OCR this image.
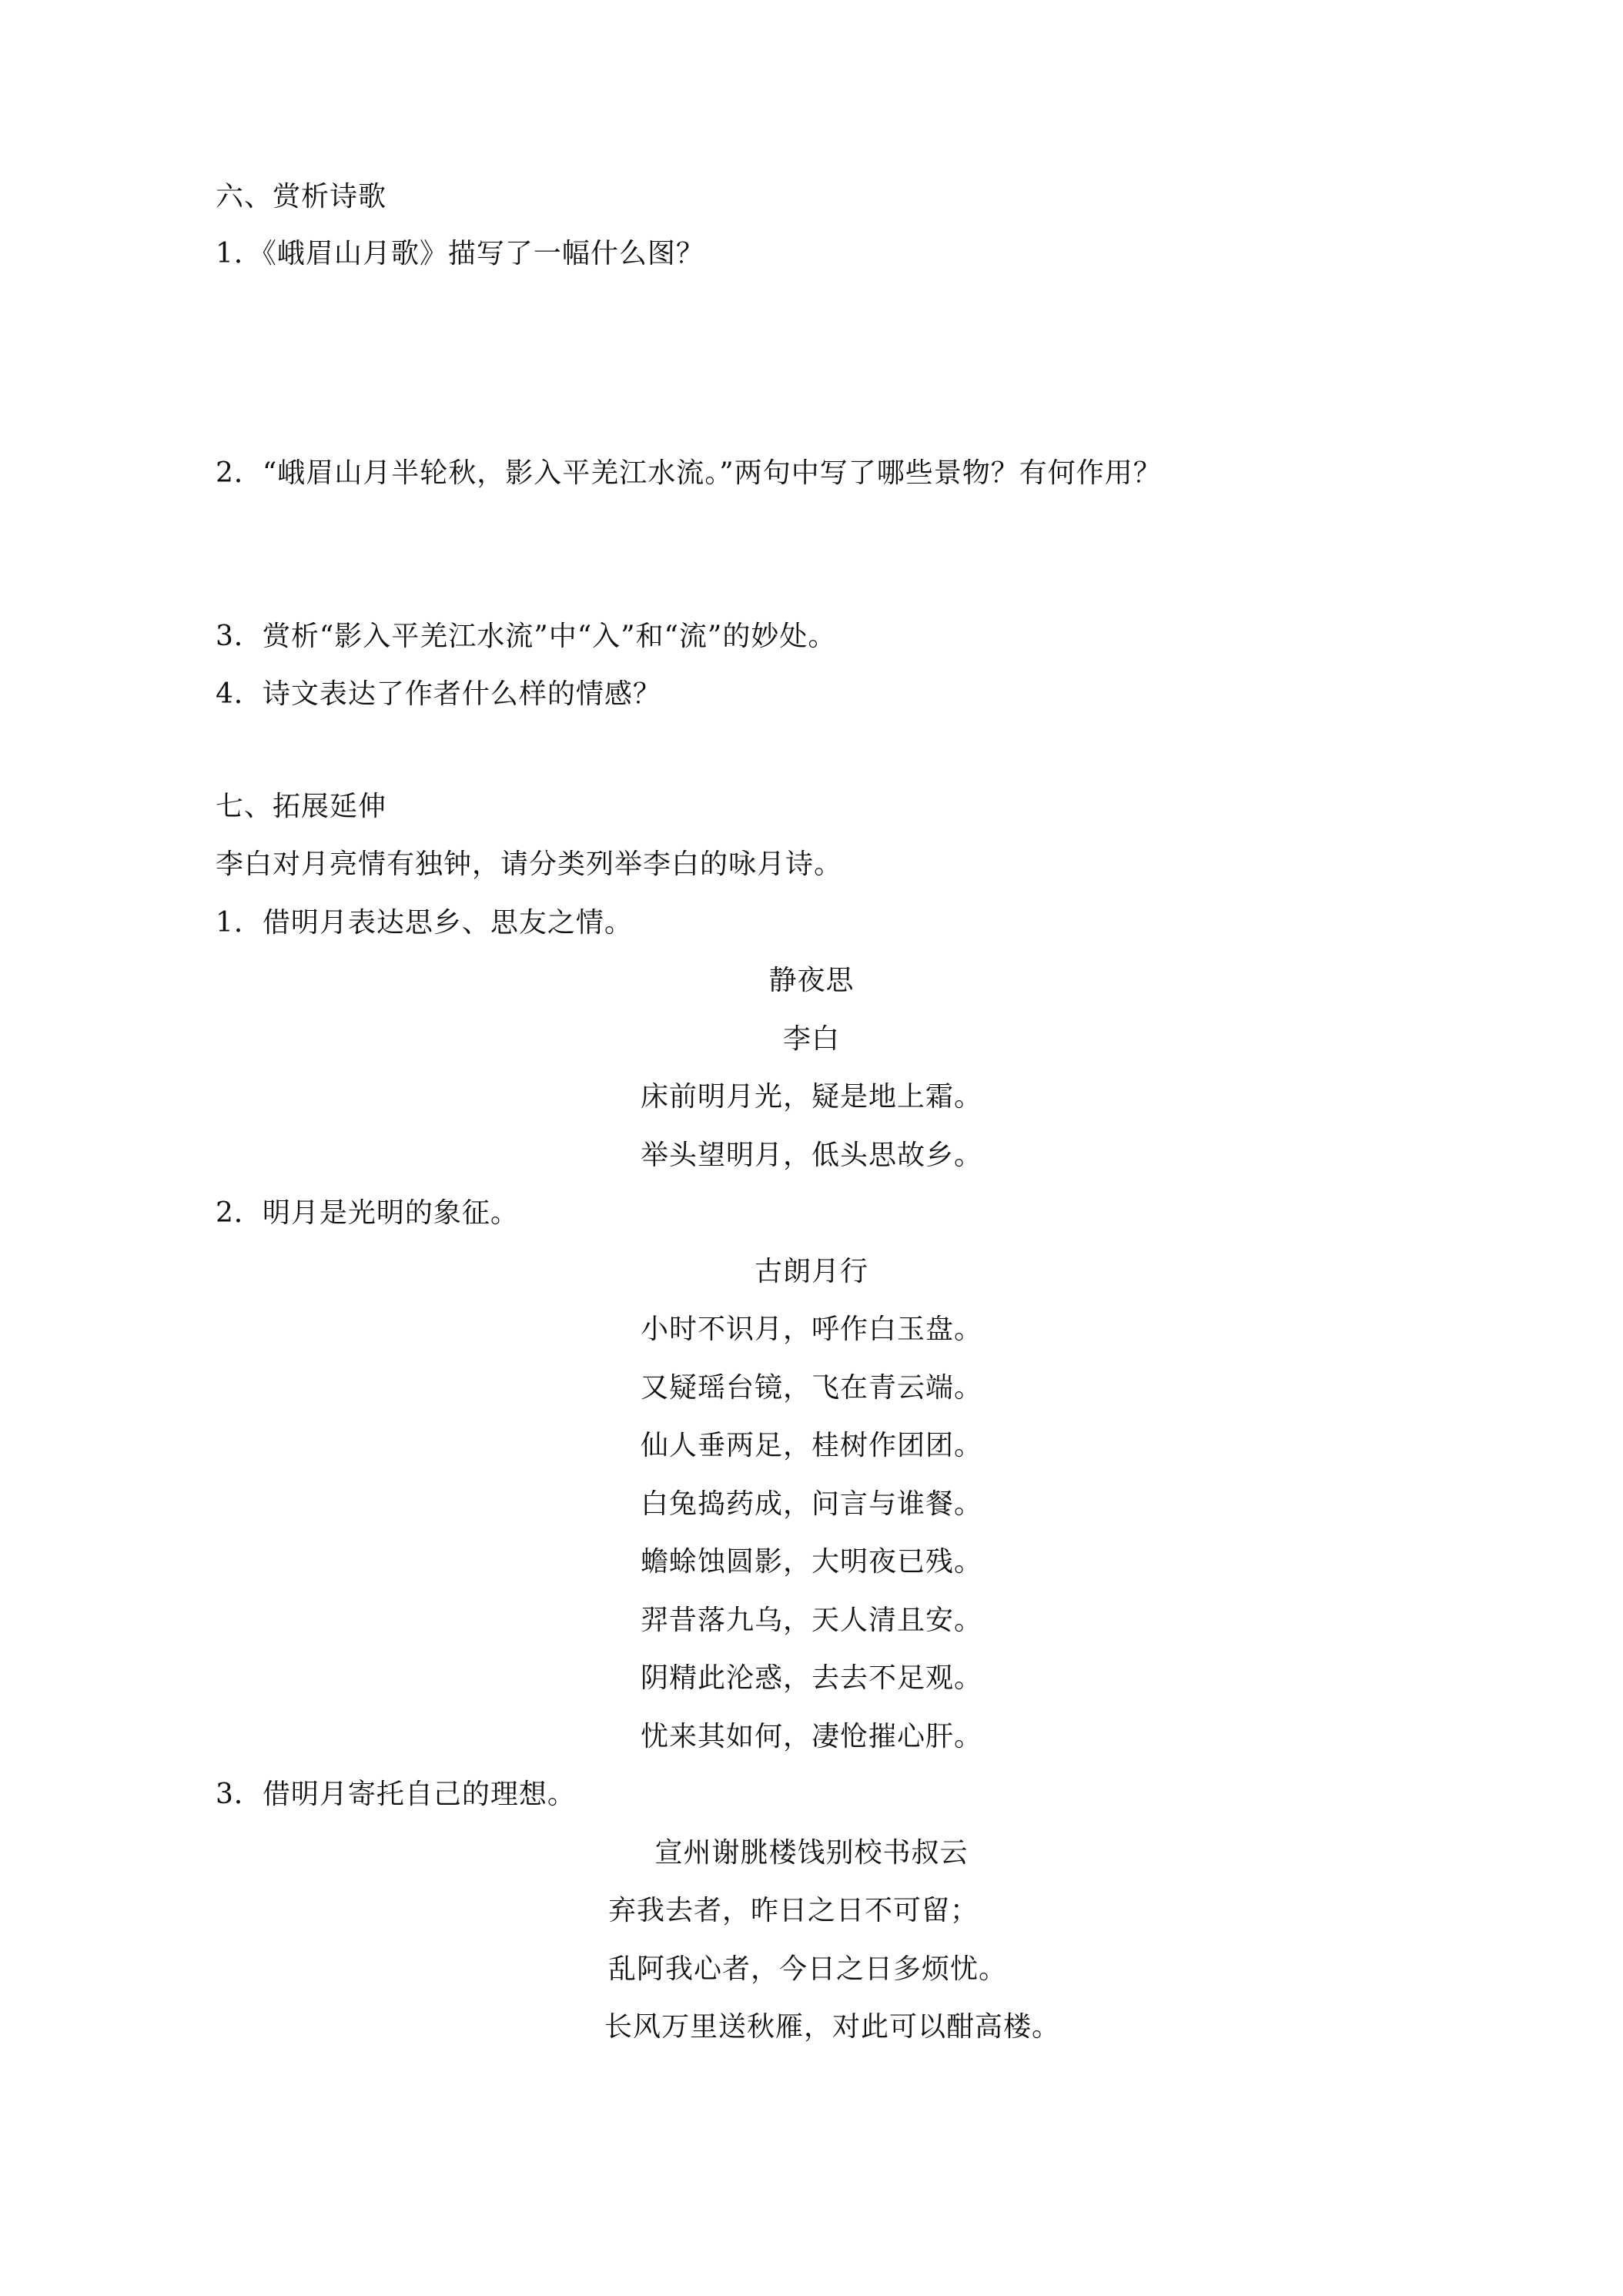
六、赏析诗歌
1．《峨眉山月歌》描写了一幅什么图？
2．“峨眉山月半轮秋，影入平羌江水流。”两句中写了哪些景物？有何作用？
3．赏析“影入平羌江水流”中“入”和“流”的妙处。
4．诗文表达了作者什么样的情感？
七、拓展延伸
李白对月亮情有独钟，请分类列举李白的咏月诗。
1．借明月表达思乡、思友之情。
静夜思
李白
床前明月光，疑是地上霜。
举头望明月，低头思故乡。
2．明月是光明的象征。
古朗月行
小时不识月，呼作白玉盘。
又疑瑶台镜，飞在青云端。
仙人垂两足，桂树作团团。
白兔捣药成，问言与谁餐。
蟾蜍蚀圆影，大明夜已残。
羿昔落九乌，天人清且安。
阴精此沦惑，去去不足观。
忧来其如何，凄怆摧心肝。
3．借明月寄托自己的理想。
宣州谢朓楼饯别校书叔云
弃我去者，昨日之日不可留；
乱阿我心者，今日之日多烦忧。
长风万里送秋雁，对此可以酣高楼。
